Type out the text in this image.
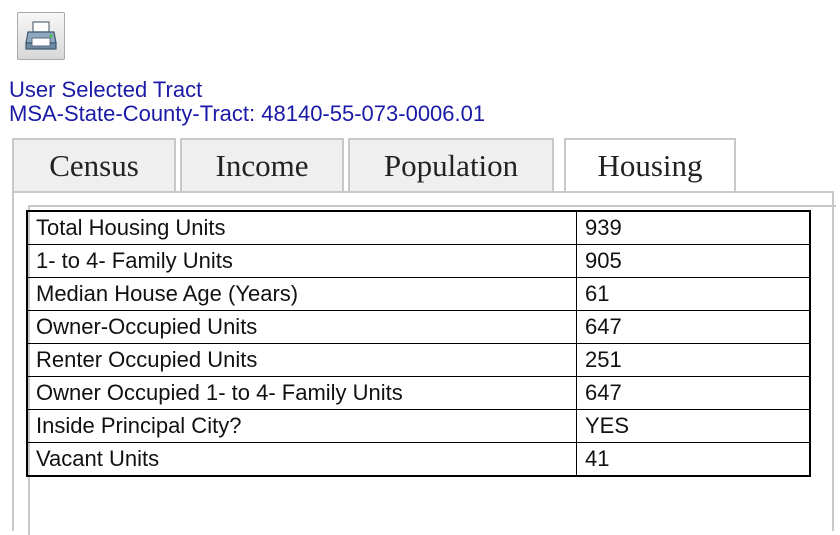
User Selected Tract
MSA-State-County-Tract: 48140-55-073-0006.01
Census	Income	Population	Housing
Total Housing Units	939
1- to 4- Family Units	905
Median House Age (Years)	61
Owner-Occupied Units	647
Renter Occupied Units	251
Owner Occupied 1- to 4- Family Units	647
Inside Principal City?	YES
Vacant Units	41
